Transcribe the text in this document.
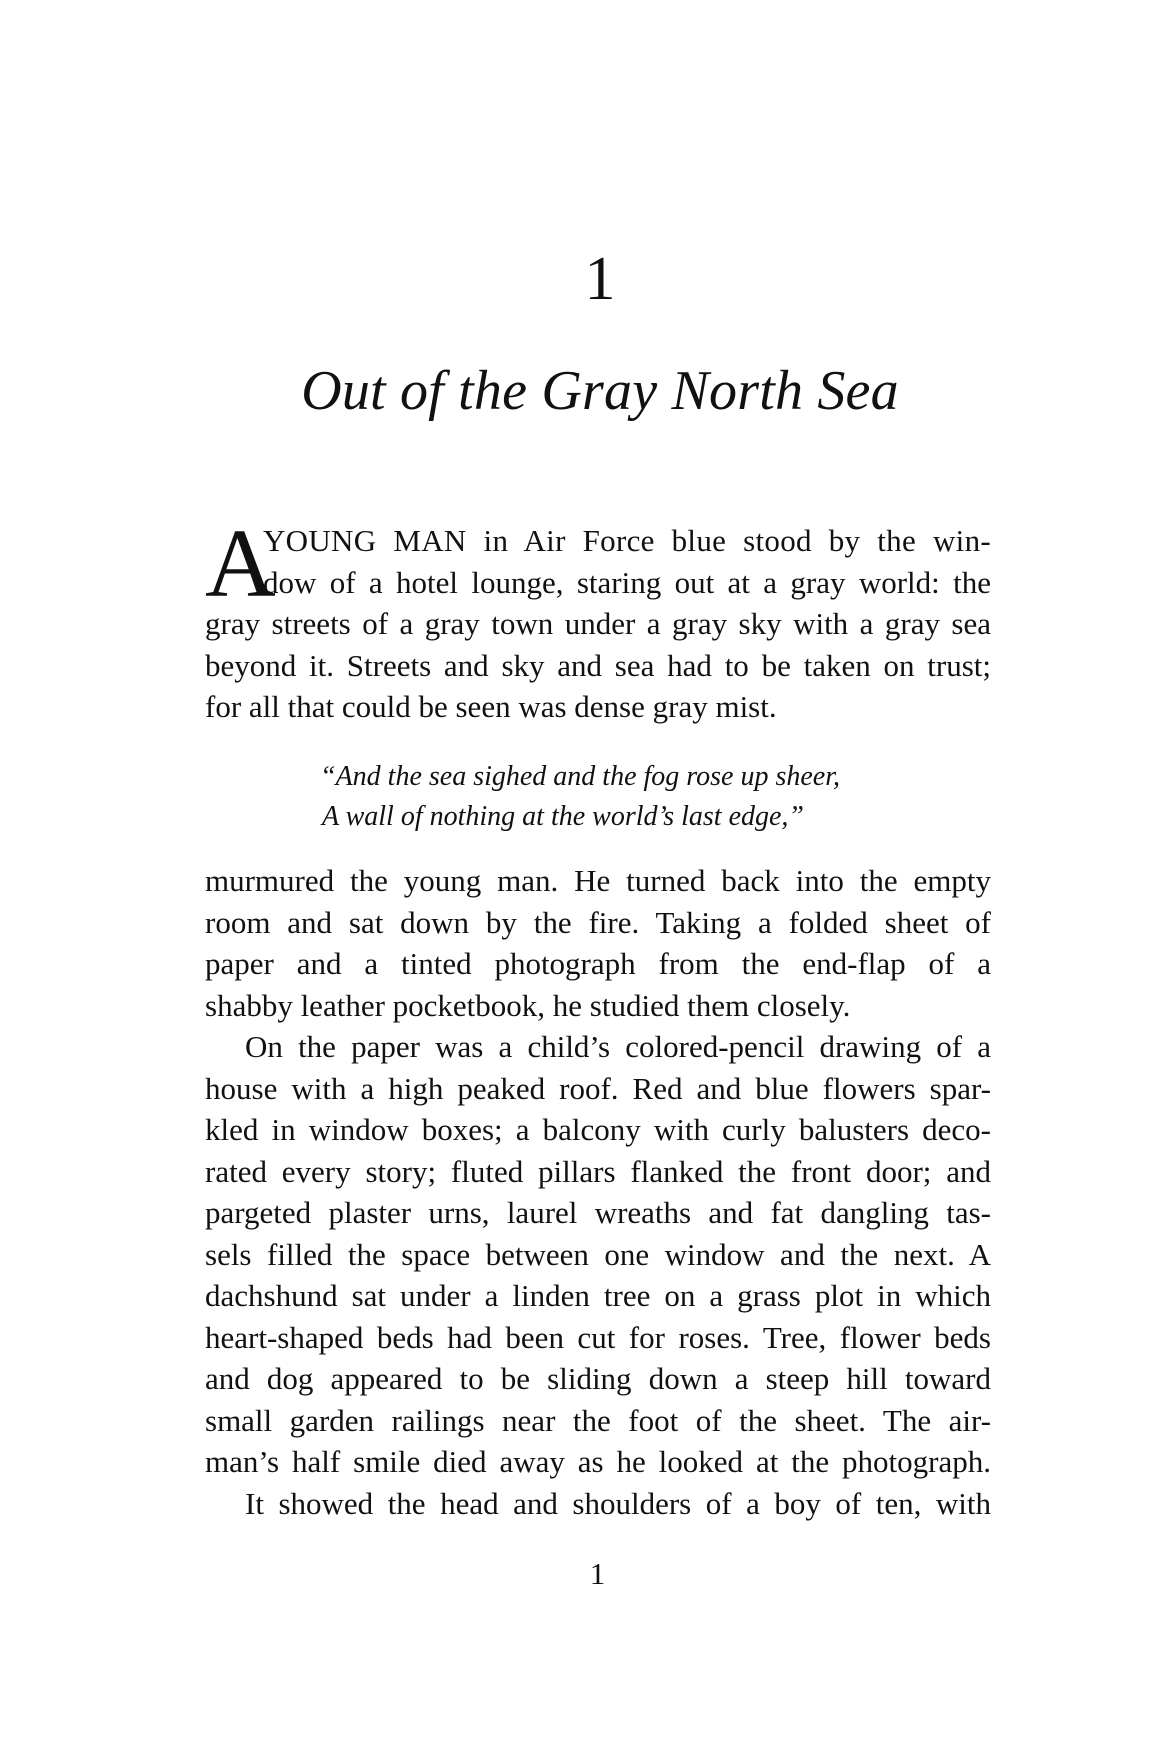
1
Out of the Gray North Sea
A
YOUNG MAN in Air Force blue stood by the win-
dow of a hotel lounge, staring out at a gray world: the
gray streets of a gray town under a gray sky with a gray sea
beyond it. Streets and sky and sea had to be taken on trust;
for all that could be seen was dense gray mist.
“And the sea sighed and the fog rose up sheer,
A wall of nothing at the world’s last edge,”
murmured the young man. He turned back into the empty
room and sat down by the fire. Taking a folded sheet of
paper and a tinted photograph from the end-flap of a
shabby leather pocketbook, he studied them closely.
On the paper was a child’s colored-pencil drawing of a
house with a high peaked roof. Red and blue flowers spar-
kled in window boxes; a balcony with curly balusters deco-
rated every story; fluted pillars flanked the front door; and
pargeted plaster urns, laurel wreaths and fat dangling tas-
sels filled the space between one window and the next. A
dachshund sat under a linden tree on a grass plot in which
heart-shaped beds had been cut for roses. Tree, flower beds
and dog appeared to be sliding down a steep hill toward
small garden railings near the foot of the sheet. The air-
man’s half smile died away as he looked at the photograph.
It showed the head and shoulders of a boy of ten, with
1
